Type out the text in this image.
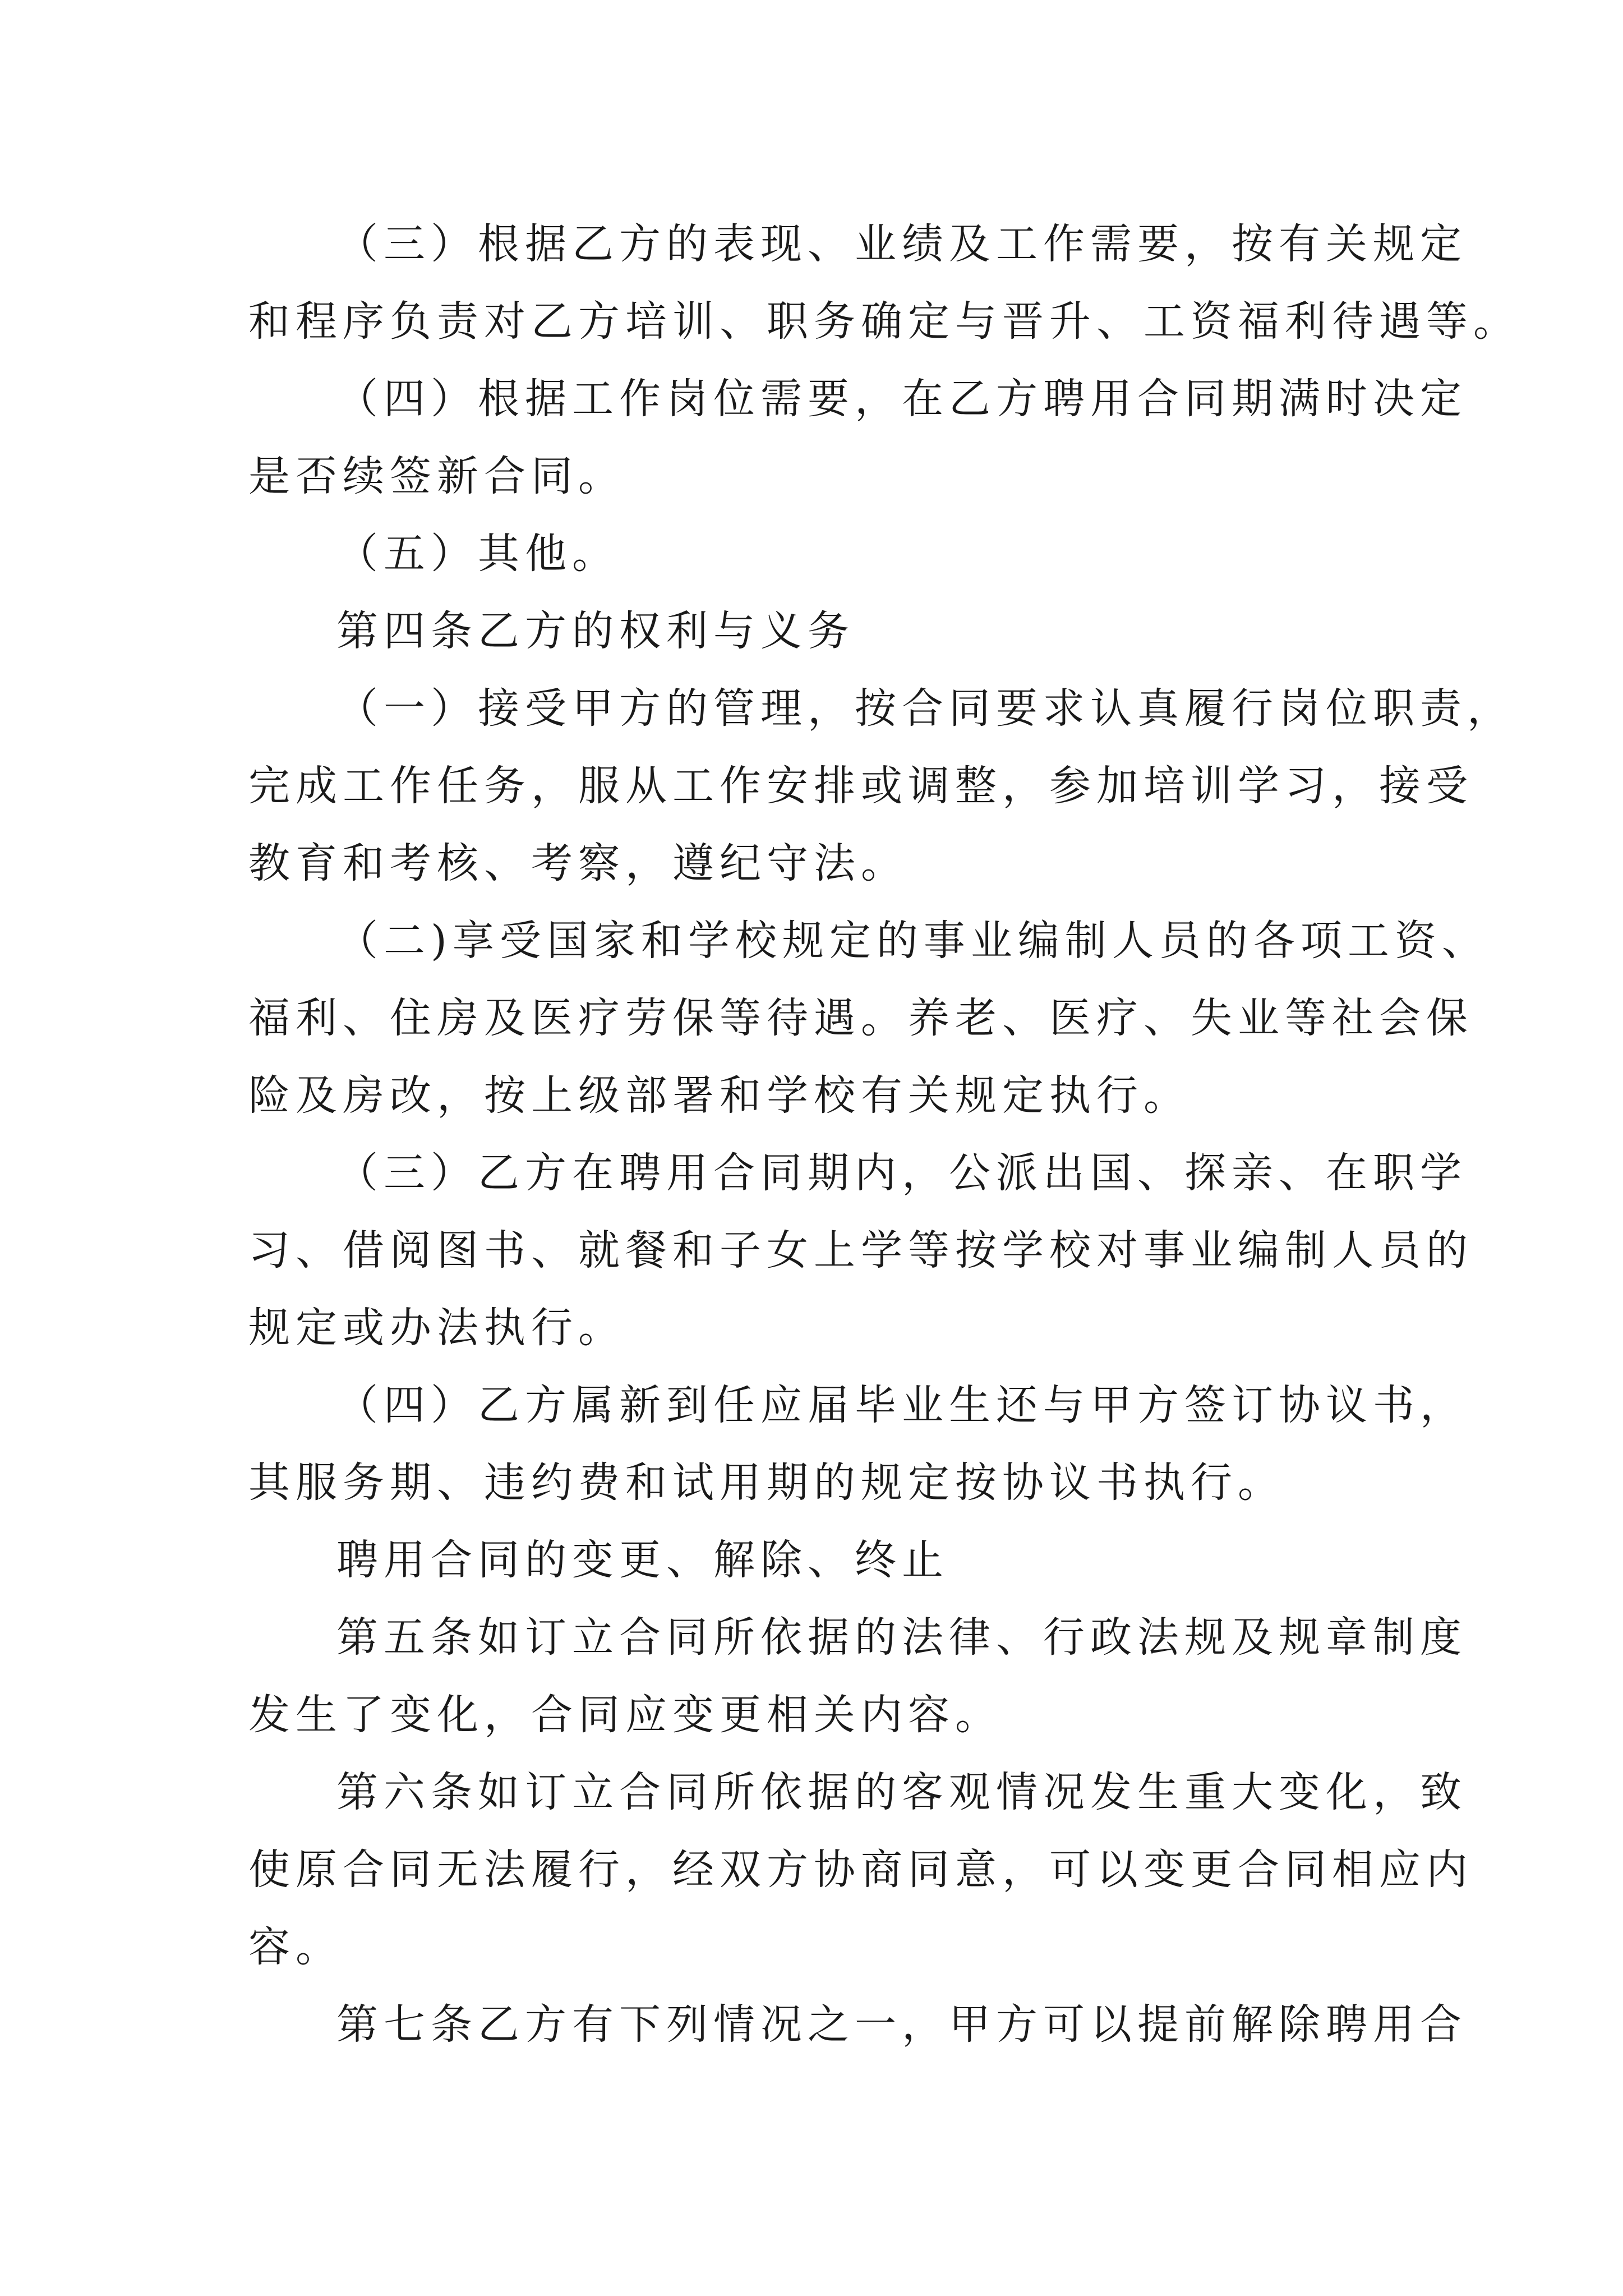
（三）根据乙方的表现、业绩及工作需要，按有关规定
和程序负责对乙方培训、职务确定与晋升、工资福利待遇等。
（四）根据工作岗位需要，在乙方聘用合同期满时决定
是否续签新合同。
（五）其他。
第四条乙方的权利与义务
（一）接受甲方的管理，按合同要求认真履行岗位职责，
完成工作任务，服从工作安排或调整，参加培训学习，接受
教育和考核、考察，遵纪守法。
（二)享受国家和学校规定的事业编制人员的各项工资、
福利、住房及医疗劳保等待遇。养老、医疗、失业等社会保
险及房改，按上级部署和学校有关规定执行。
（三）乙方在聘用合同期内，公派出国、探亲、在职学
习、借阅图书、就餐和子女上学等按学校对事业编制人员的
规定或办法执行。
（四）乙方属新到任应届毕业生还与甲方签订协议书，
其服务期、违约费和试用期的规定按协议书执行。
聘用合同的变更、解除、终止
第五条如订立合同所依据的法律、行政法规及规章制度
发生了变化，合同应变更相关内容。
第六条如订立合同所依据的客观情况发生重大变化，致
使原合同无法履行，经双方协商同意，可以变更合同相应内
容。
第七条乙方有下列情况之一，甲方可以提前解除聘用合
